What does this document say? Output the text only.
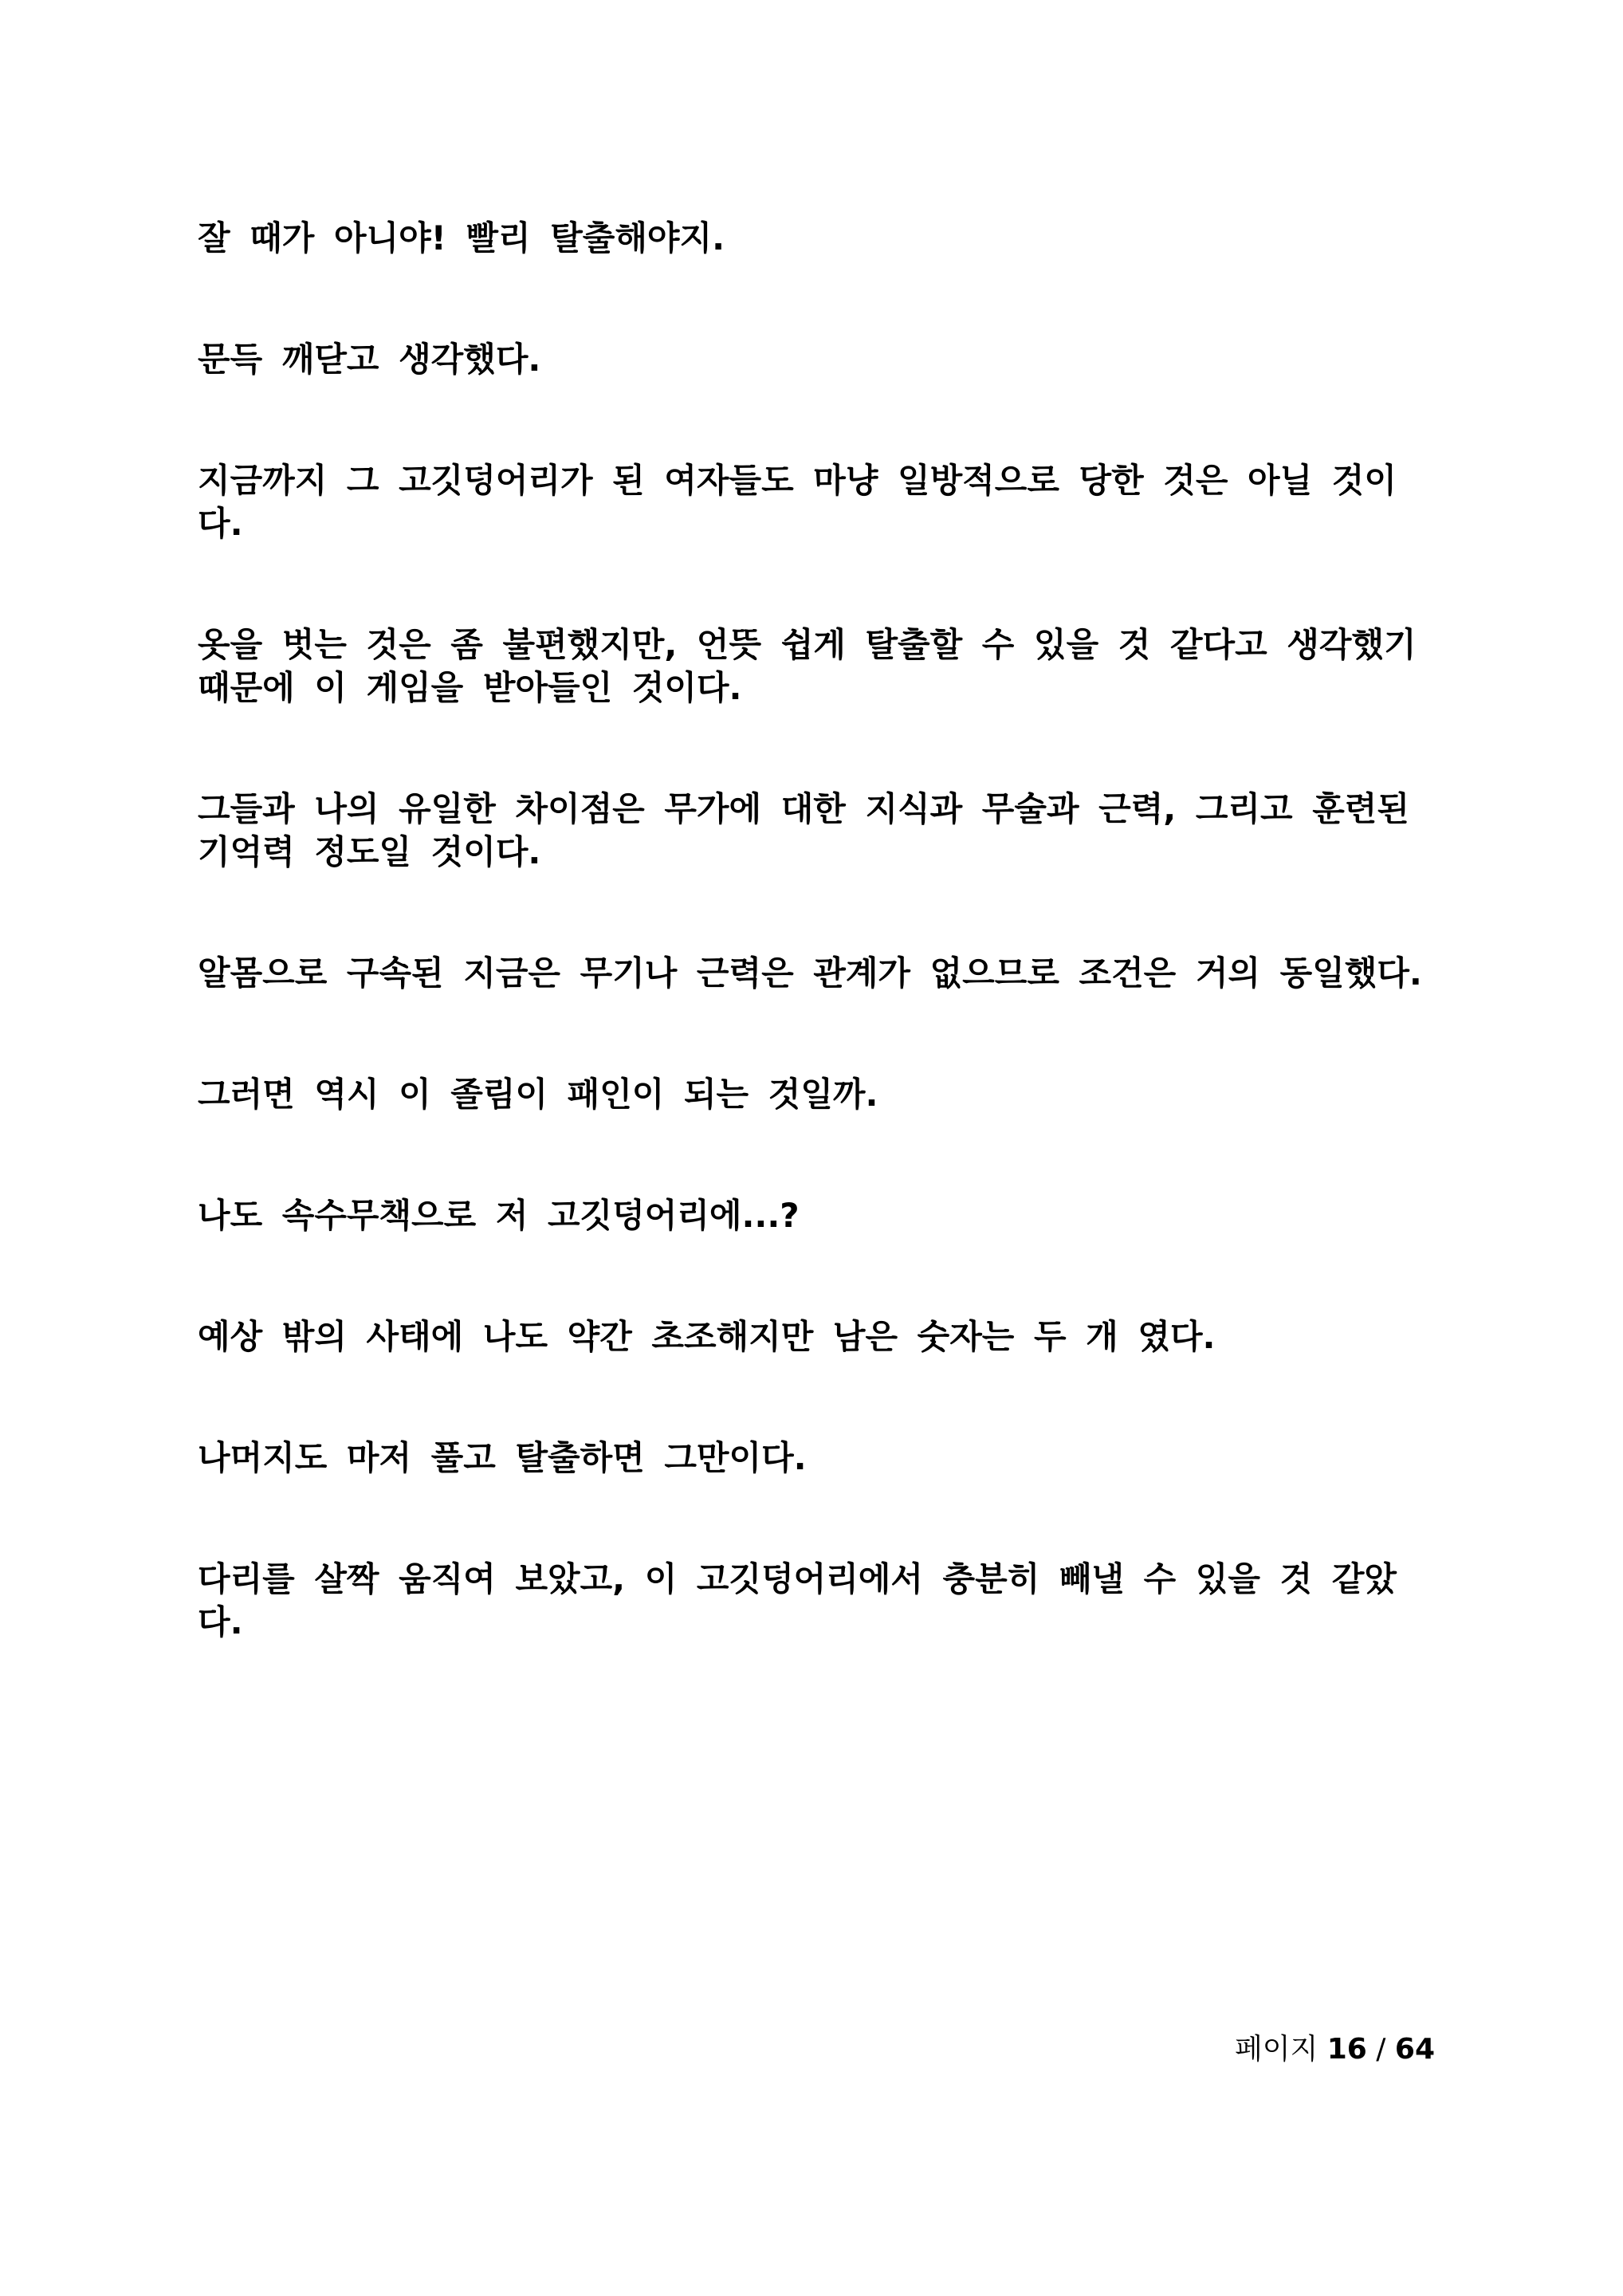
잘 때가 아니야! 빨리 탈출해야지.

문득 깨닫고 생각했다.

지금까지 그 고깃덩어리가 된 여자들도 마냥 일방적으로 당한 것은 아닐 것이다.

옷을 벗는 것은 좀 불편했지만, 언뜻 쉽게 탈출할 수 있을 것 같다고 생각했기 때문에 이 게임을 받아들인 것이다.

그들과 나의 유일한 차이점은 무가에 대한 지식과 무술과 근력, 그리고 훈련된 기억력 정도일 것이다.

알몸으로 구속된 지금은 무기나 근력은 관계가 없으므로 조건은 거의 동일했다.

그러면 역시 이 졸림이 패인이 되는 것일까.

나도 속수무책으로 저 고깃덩어리에...?

예상 밖의 사태에 나도 약간 초조해지만 남은 숫자는 두 개 였다.

나머지도 마저 풀고 탈출하면 그만이다.

다리를 살짝 움직여 보았고, 이 고깃덩어리에서 충분히 빼낼 수 있을 것 같았다.

페이지 16 / 64
